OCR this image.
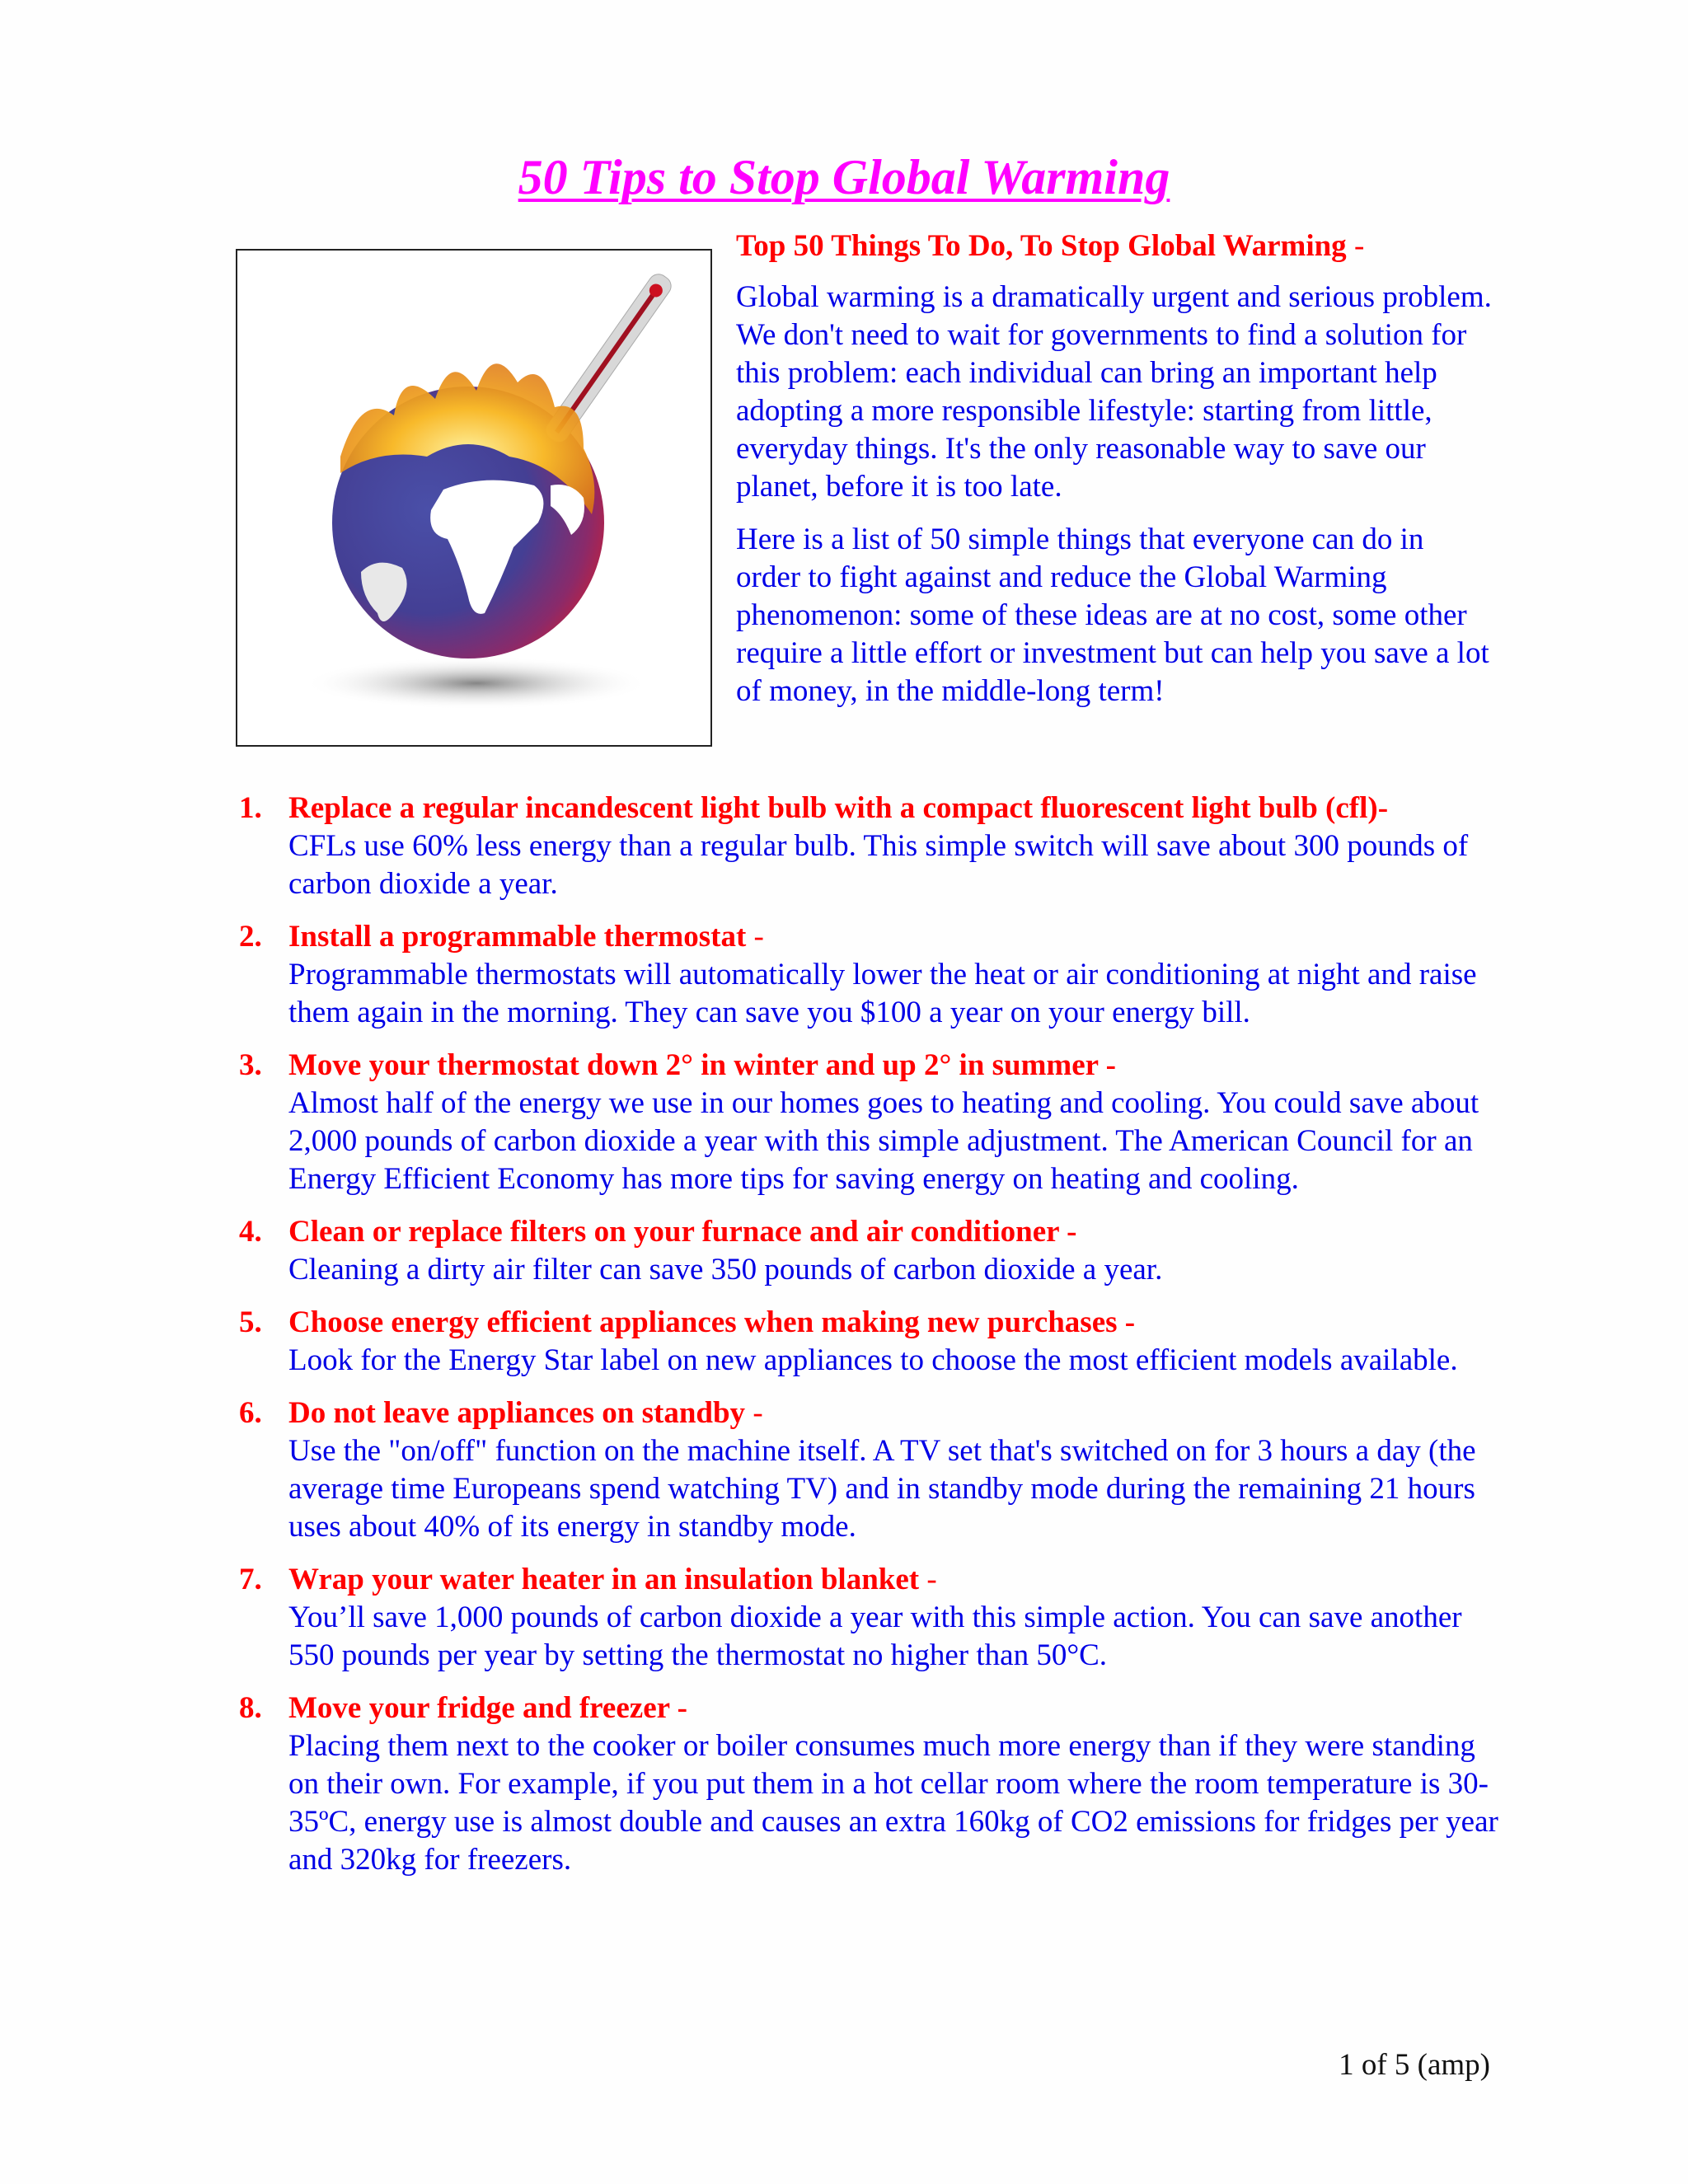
50 Tips to Stop Global Warming

Top 50 Things To Do, To Stop Global Warming -

Global warming is a dramatically urgent and serious problem. We don't need to wait for governments to find a solution for this problem: each individual can bring an important help adopting a more responsible lifestyle: starting from little, everyday things. It's the only reasonable way to save our planet, before it is too late.

Here is a list of 50 simple things that everyone can do in order to fight against and reduce the Global Warming phenomenon: some of these ideas are at no cost, some other require a little effort or investment but can help you save a lot of money, in the middle-long term!

1. Replace a regular incandescent light bulb with a compact fluorescent light bulb (cfl)-
CFLs use 60% less energy than a regular bulb. This simple switch will save about 300 pounds of carbon dioxide a year.
2. Install a programmable thermostat -
Programmable thermostats will automatically lower the heat or air conditioning at night and raise them again in the morning. They can save you $100 a year on your energy bill.
3. Move your thermostat down 2° in winter and up 2° in summer -
Almost half of the energy we use in our homes goes to heating and cooling. You could save about 2,000 pounds of carbon dioxide a year with this simple adjustment. The American Council for an Energy Efficient Economy has more tips for saving energy on heating and cooling.
4. Clean or replace filters on your furnace and air conditioner -
Cleaning a dirty air filter can save 350 pounds of carbon dioxide a year.
5. Choose energy efficient appliances when making new purchases -
Look for the Energy Star label on new appliances to choose the most efficient models available.
6. Do not leave appliances on standby -
Use the "on/off" function on the machine itself. A TV set that's switched on for 3 hours a day (the average time Europeans spend watching TV) and in standby mode during the remaining 21 hours uses about 40% of its energy in standby mode.
7. Wrap your water heater in an insulation blanket -
You’ll save 1,000 pounds of carbon dioxide a year with this simple action. You can save another 550 pounds per year by setting the thermostat no higher than 50°C.
8. Move your fridge and freezer -
Placing them next to the cooker or boiler consumes much more energy than if they were standing on their own. For example, if you put them in a hot cellar room where the room temperature is 30-35ºC, energy use is almost double and causes an extra 160kg of CO2 emissions for fridges per year and 320kg for freezers.
1 of 5 (amp)
